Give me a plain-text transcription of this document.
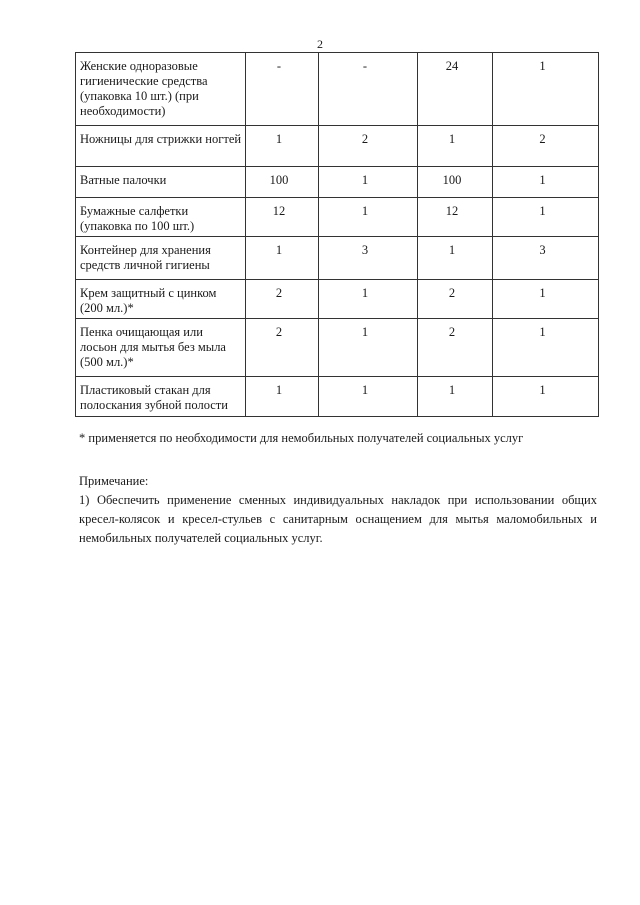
2
Женские одноразовые гигиенические средства (упаковка 10 шт.) (при необходимости)	-	-	24	1
Ножницы для стрижки ногтей	1	2	1	2
Ватные палочки	100	1	100	1
Бумажные салфетки (упаковка по 100 шт.)	12	1	12	1
Контейнер для хранения средств личной гигиены	1	3	1	3
Крем защитный с цинком (200 мл.)*	2	1	2	1
Пенка очищающая или лосьон для мытья без мыла (500 мл.)*	2	1	2	1
Пластиковый стакан для полоскания зубной полости	1	1	1	1
* применяется по необходимости для немобильных получателей социальных услуг
Примечание:
1) Обеспечить применение сменных индивидуальных накладок при использовании общих кресел-колясок и кресел-стульев с санитарным оснащением для мытья маломобильных и немобильных получателей социальных услуг.
